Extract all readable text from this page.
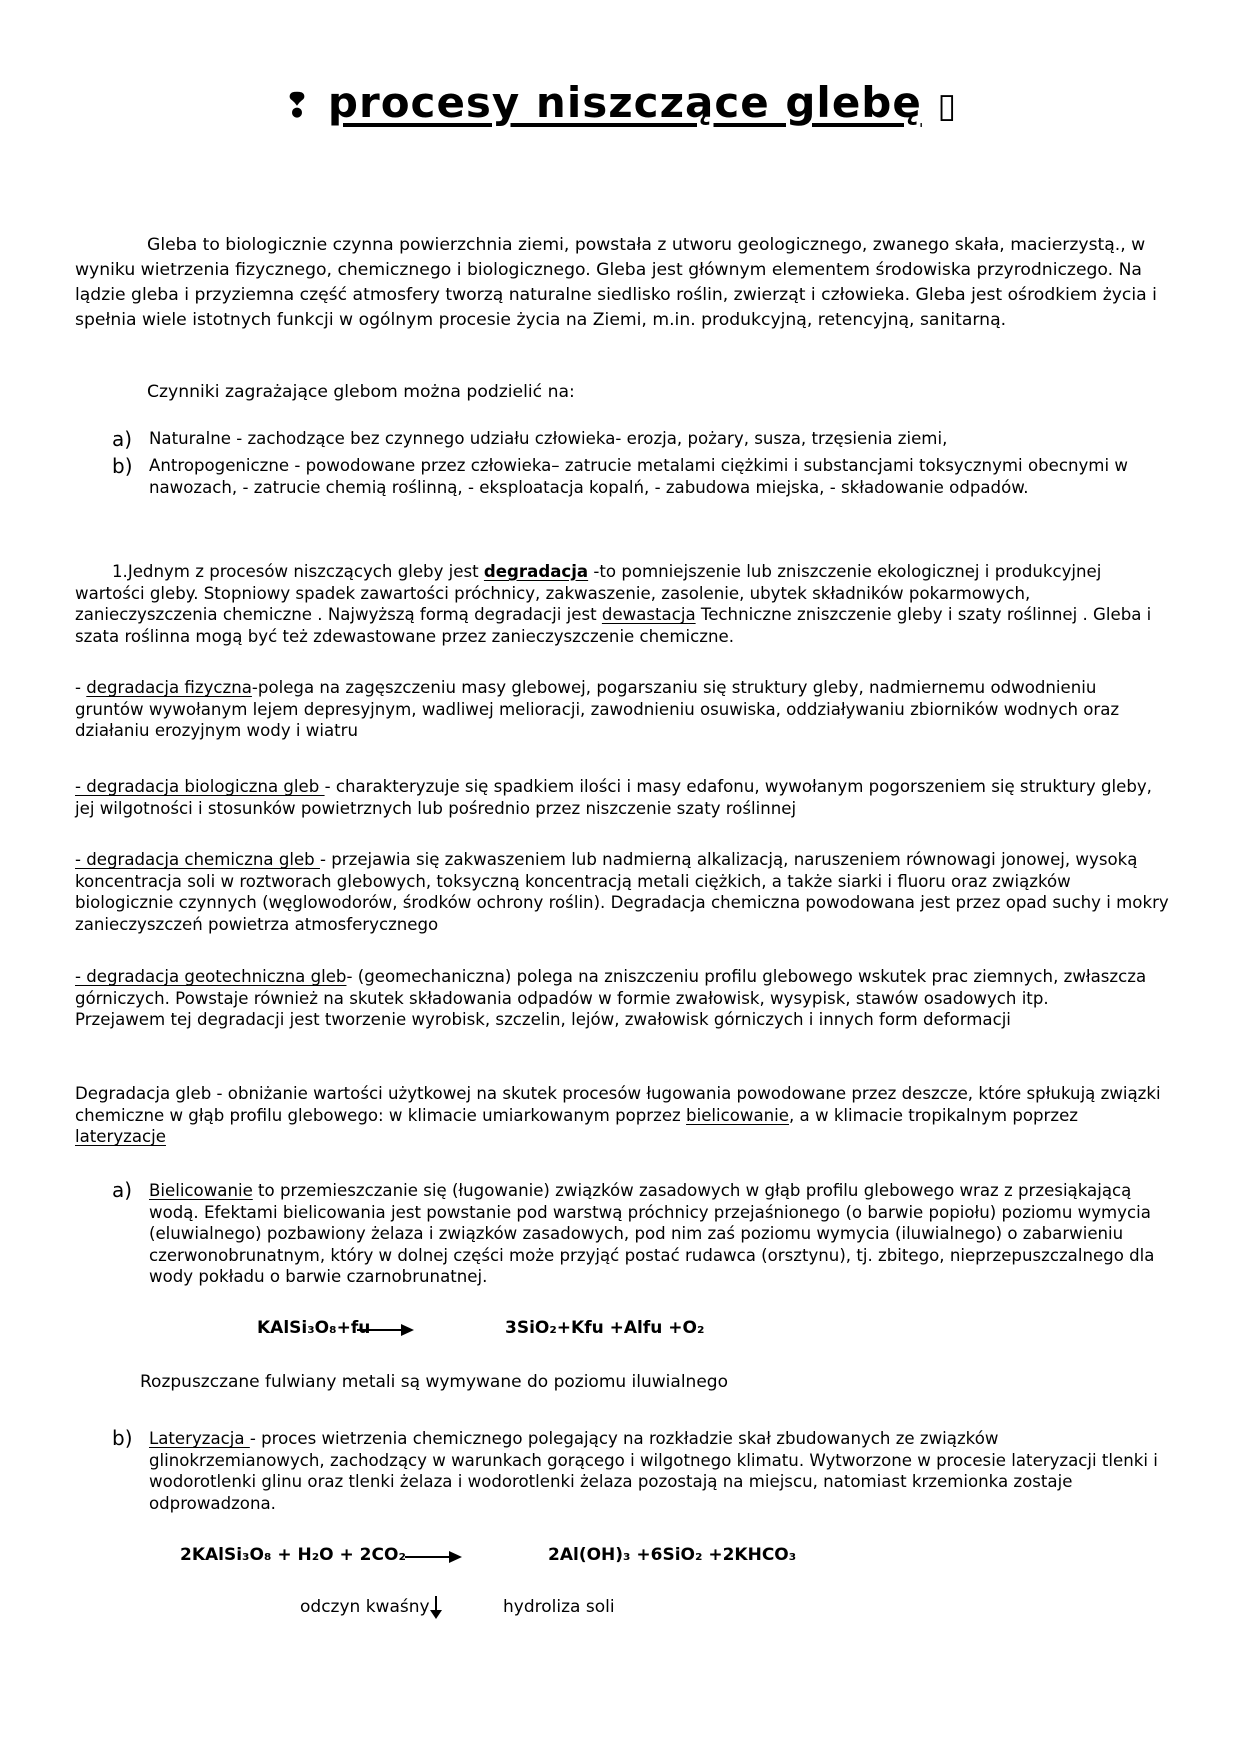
❢ procesy niszczące glebę ▯
Gleba to biologicznie czynna powierzchnia ziemi, powstała z utworu geologicznego, zwanego skała, macierzystą., w wyniku wietrzenia fizycznego, chemicznego i biologicznego. Gleba jest głównym elementem środowiska przyrodniczego. Na lądzie gleba i przyziemna część atmosfery tworzą naturalne siedlisko roślin, zwierząt i człowieka. Gleba jest ośrodkiem życia i spełnia wiele istotnych funkcji w ogólnym procesie życia na Ziemi, m.in. produkcyjną, retencyjną, sanitarną.
Czynniki zagrażające glebom można podzielić na:
a) Naturalne - zachodzące bez czynnego udziału człowieka- erozja, pożary, susza, trzęsienia ziemi,
b) Antropogeniczne - powodowane przez człowieka– zatrucie metalami ciężkimi i substancjami toksycznymi obecnymi w nawozach, - zatrucie chemią roślinną, - eksploatacja kopalń, - zabudowa miejska, - składowanie odpadów.
1.Jednym z procesów niszczących gleby jest degradacja -to pomniejszenie lub zniszczenie ekologicznej i produkcyjnej wartości gleby. Stopniowy spadek zawartości próchnicy, zakwaszenie, zasolenie, ubytek składników pokarmowych, zanieczyszczenia chemiczne . Najwyższą formą degradacji jest dewastacja Techniczne zniszczenie gleby i szaty roślinnej . Gleba i szata roślinna mogą być też zdewastowane przez zanieczyszczenie chemiczne.
- degradacja fizyczna-polega na zagęszczeniu masy glebowej, pogarszaniu się struktury gleby, nadmiernemu odwodnieniu gruntów wywołanym lejem depresyjnym, wadliwej melioracji, zawodnieniu osuwiska, oddziaływaniu zbiorników wodnych oraz działaniu erozyjnym wody i wiatru
- degradacja biologiczna gleb - charakteryzuje się spadkiem ilości i masy edafonu, wywołanym pogorszeniem się struktury gleby, jej wilgotności i stosunków powietrznych lub pośrednio przez niszczenie szaty roślinnej
- degradacja chemiczna gleb - przejawia się zakwaszeniem lub nadmierną alkalizacją, naruszeniem równowagi jonowej, wysoką koncentracja soli w roztworach glebowych, toksyczną koncentracją metali ciężkich, a także siarki i fluoru oraz związków biologicznie czynnych (węglowodorów, środków ochrony roślin). Degradacja chemiczna powodowana jest przez opad suchy i mokry zanieczyszczeń powietrza atmosferycznego
- degradacja geotechniczna gleb- (geomechaniczna) polega na zniszczeniu profilu glebowego wskutek prac ziemnych, zwłaszcza górniczych. Powstaje również na skutek składowania odpadów w formie zwałowisk, wysypisk, stawów osadowych itp.
Przejawem tej degradacji jest tworzenie wyrobisk, szczelin, lejów, zwałowisk górniczych i innych form deformacji
Degradacja gleb - obniżanie wartości użytkowej na skutek procesów ługowania powodowane przez deszcze, które spłukują związki chemiczne w głąb profilu glebowego: w klimacie umiarkowanym poprzez bielicowanie, a w klimacie tropikalnym poprzez lateryzacje
a) Bielicowanie to przemieszczanie się (ługowanie) związków zasadowych w głąb profilu glebowego wraz z przesiąkającą wodą. Efektami bielicowania jest powstanie pod warstwą próchnicy przejaśnionego (o barwie popiołu) poziomu wymycia (eluwialnego) pozbawiony żelaza i związków zasadowych, pod nim zaś poziomu wymycia (iluwialnego) o zabarwieniu czerwonobrunatnym, który w dolnej części może przyjąć postać rudawca (orsztynu), tj. zbitego, nieprzepuszczalnego dla wody pokładu o barwie czarnobrunatnej.
KAlSi₃O₈+fu	3SiO₂+Kfu +Alfu +O₂
Rozpuszczane fulwiany metali są wymywane do poziomu iluwialnego
b) Lateryzacja - proces wietrzenia chemicznego polegający na rozkładzie skał zbudowanych ze związków glinokrzemianowych, zachodzący w warunkach gorącego i wilgotnego klimatu. Wytworzone w procesie lateryzacji tlenki i wodorotlenki glinu oraz tlenki żelaza i wodorotlenki żelaza pozostają na miejscu, natomiast krzemionka zostaje odprowadzona.
2KAlSi₃O₈ + H₂O + 2CO₂ →	2Al(OH)₃ +6SiO₂ +2KHCO₃
odczyn kwaśny	hydroliza soli
